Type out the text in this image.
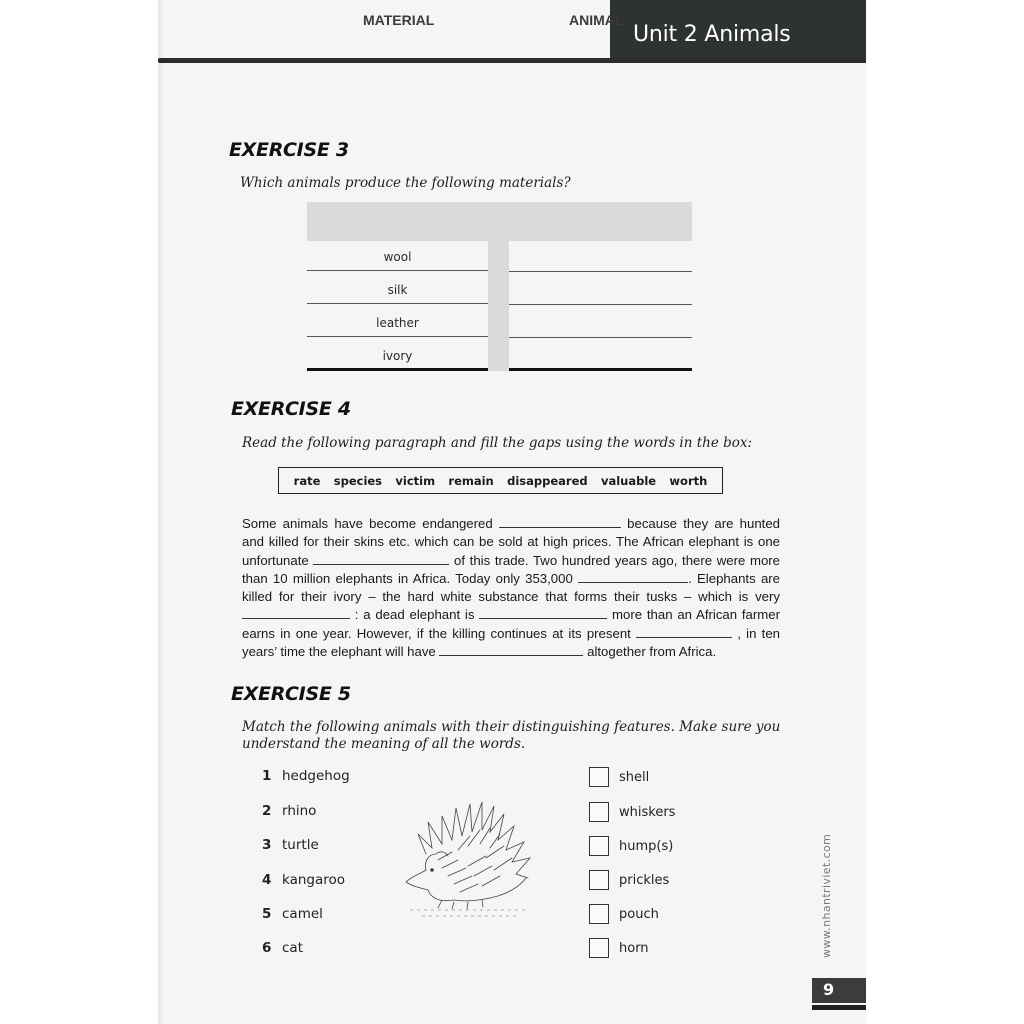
Unit 2 Animals
EXERCISE 3
Which animals produce the following materials?
MATERIAL	ANIMAL
wool
silk
leather
ivory
EXERCISE 4
Read the following paragraph and fill the gaps using the words in the box:
rate species victim remain disappeared valuable worth
Some animals have become endangered	because they are hunted and killed for their skins etc. which can be sold at high prices. The African elephant is one unfortunate	of this trade. Two hundred years ago, there were more than 10 million elephants in Africa. Today only 353,000	. Elephants are killed for their ivory – the hard white substance that forms their tusks – which is very  : a dead elephant is	more than an African farmer earns in one year. However, if the killing continues at its present	, in ten years’ time the elephant will have	altogether from Africa.
EXERCISE 5
Match the following animals with their distinguishing features. Make sure you
understand the meaning of all the words.
1 hedgehog
2 rhino
3 turtle
4 kangaroo
5 camel
6 cat
shell
whiskers
hump(s)
prickles
pouch
horn	www.nhantriviet.com
9
